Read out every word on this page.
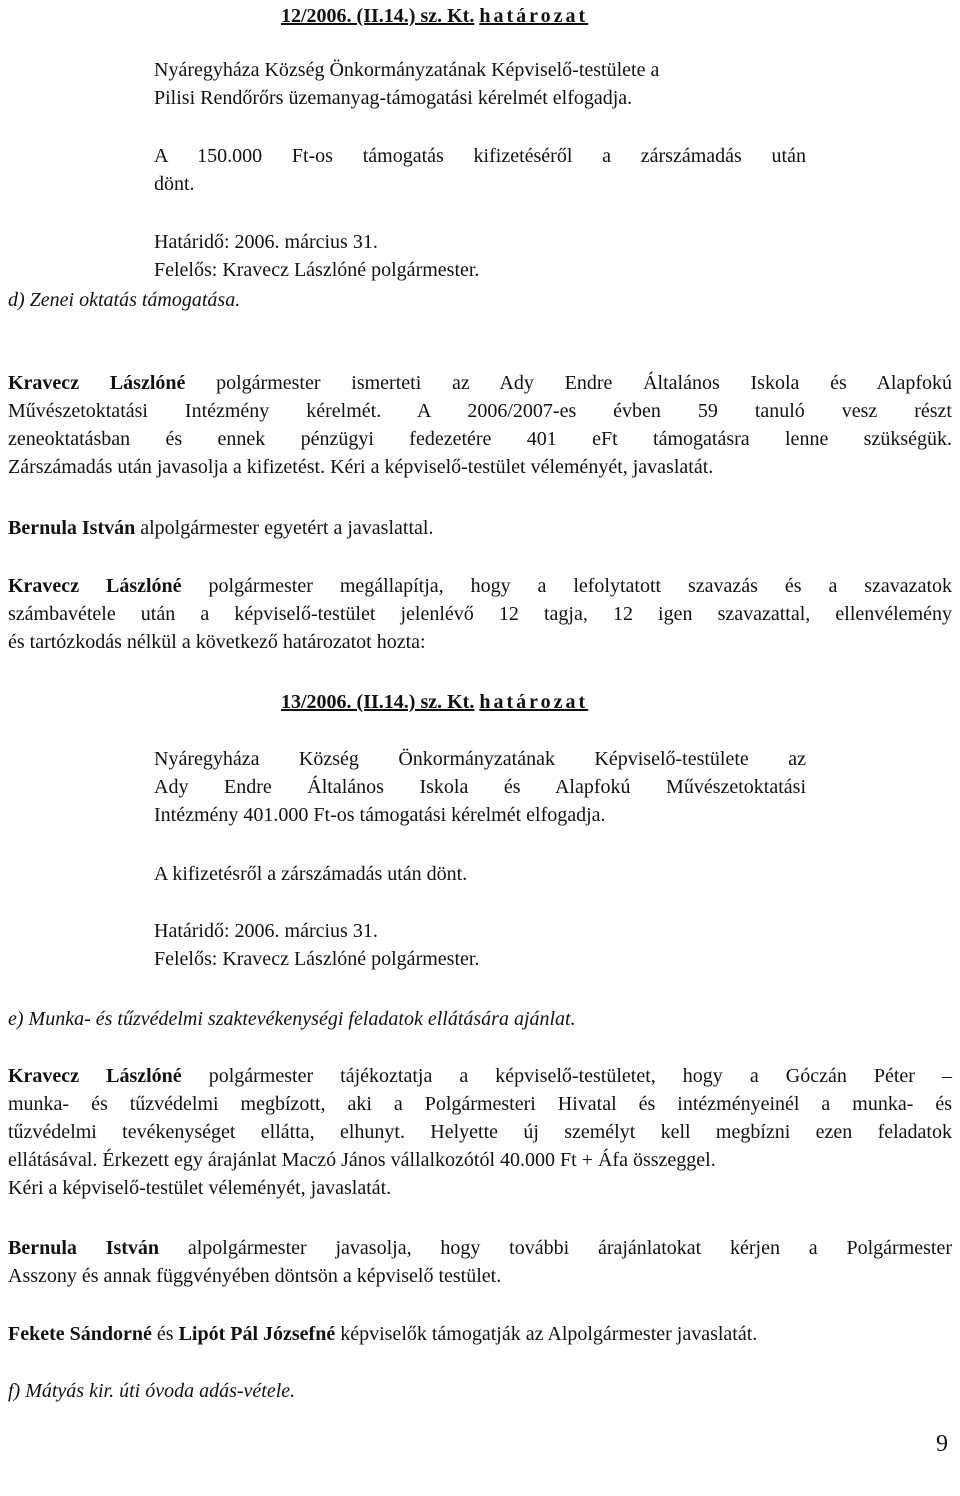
12/2006. (II.14.) sz. Kt. határozat
Nyáregyháza Község Önkormányzatának Képviselő-testülete a
Pilisi Rendőrőrs üzemanyag-támogatási kérelmét elfogadja.
A 150.000 Ft-os támogatás kifizetéséről a zárszámadás után
dönt.
Határidő: 2006. március 31.
Felelős: Kravecz Lászlóné polgármester.
d) Zenei oktatás támogatása.
Kravecz Lászlóné polgármester ismerteti az Ady Endre Általános Iskola és Alapfokú
Művészetoktatási Intézmény kérelmét. A 2006/2007-es évben 59 tanuló vesz részt
zeneoktatásban és ennek pénzügyi fedezetére 401 eFt támogatásra lenne szükségük.
Zárszámadás után javasolja a kifizetést. Kéri a képviselő-testület véleményét, javaslatát.
Bernula István alpolgármester egyetért a javaslattal.
Kravecz Lászlóné polgármester megállapítja, hogy a lefolytatott szavazás és a szavazatok
számbavétele után a képviselő-testület jelenlévő 12 tagja, 12 igen szavazattal, ellenvélemény
és tartózkodás nélkül a következő határozatot hozta:
13/2006. (II.14.) sz. Kt. határozat
Nyáregyháza Község Önkormányzatának Képviselő-testülete az
Ady Endre Általános Iskola és Alapfokú Művészetoktatási
Intézmény 401.000 Ft-os támogatási kérelmét elfogadja.
A kifizetésről a zárszámadás után dönt.
Határidő: 2006. március 31.
Felelős: Kravecz Lászlóné polgármester.
e) Munka- és tűzvédelmi szaktevékenységi feladatok ellátására ajánlat.
Kravecz Lászlóné polgármester tájékoztatja a képviselő-testületet, hogy a Góczán Péter –
munka- és tűzvédelmi megbízott, aki a Polgármesteri Hivatal és intézményeinél a munka- és
tűzvédelmi tevékenységet ellátta, elhunyt. Helyette új személyt kell megbízni ezen feladatok
ellátásával. Érkezett egy árajánlat Maczó János vállalkozótól 40.000 Ft + Áfa összeggel.
Kéri a képviselő-testület véleményét, javaslatát.
Bernula István alpolgármester javasolja, hogy további árajánlatokat kérjen a Polgármester
Asszony és annak függvényében döntsön a képviselő testület.
Fekete Sándorné és Lipót Pál Józsefné képviselők támogatják az Alpolgármester javaslatát.
f) Mátyás kir. úti óvoda adás-vétele.
9
